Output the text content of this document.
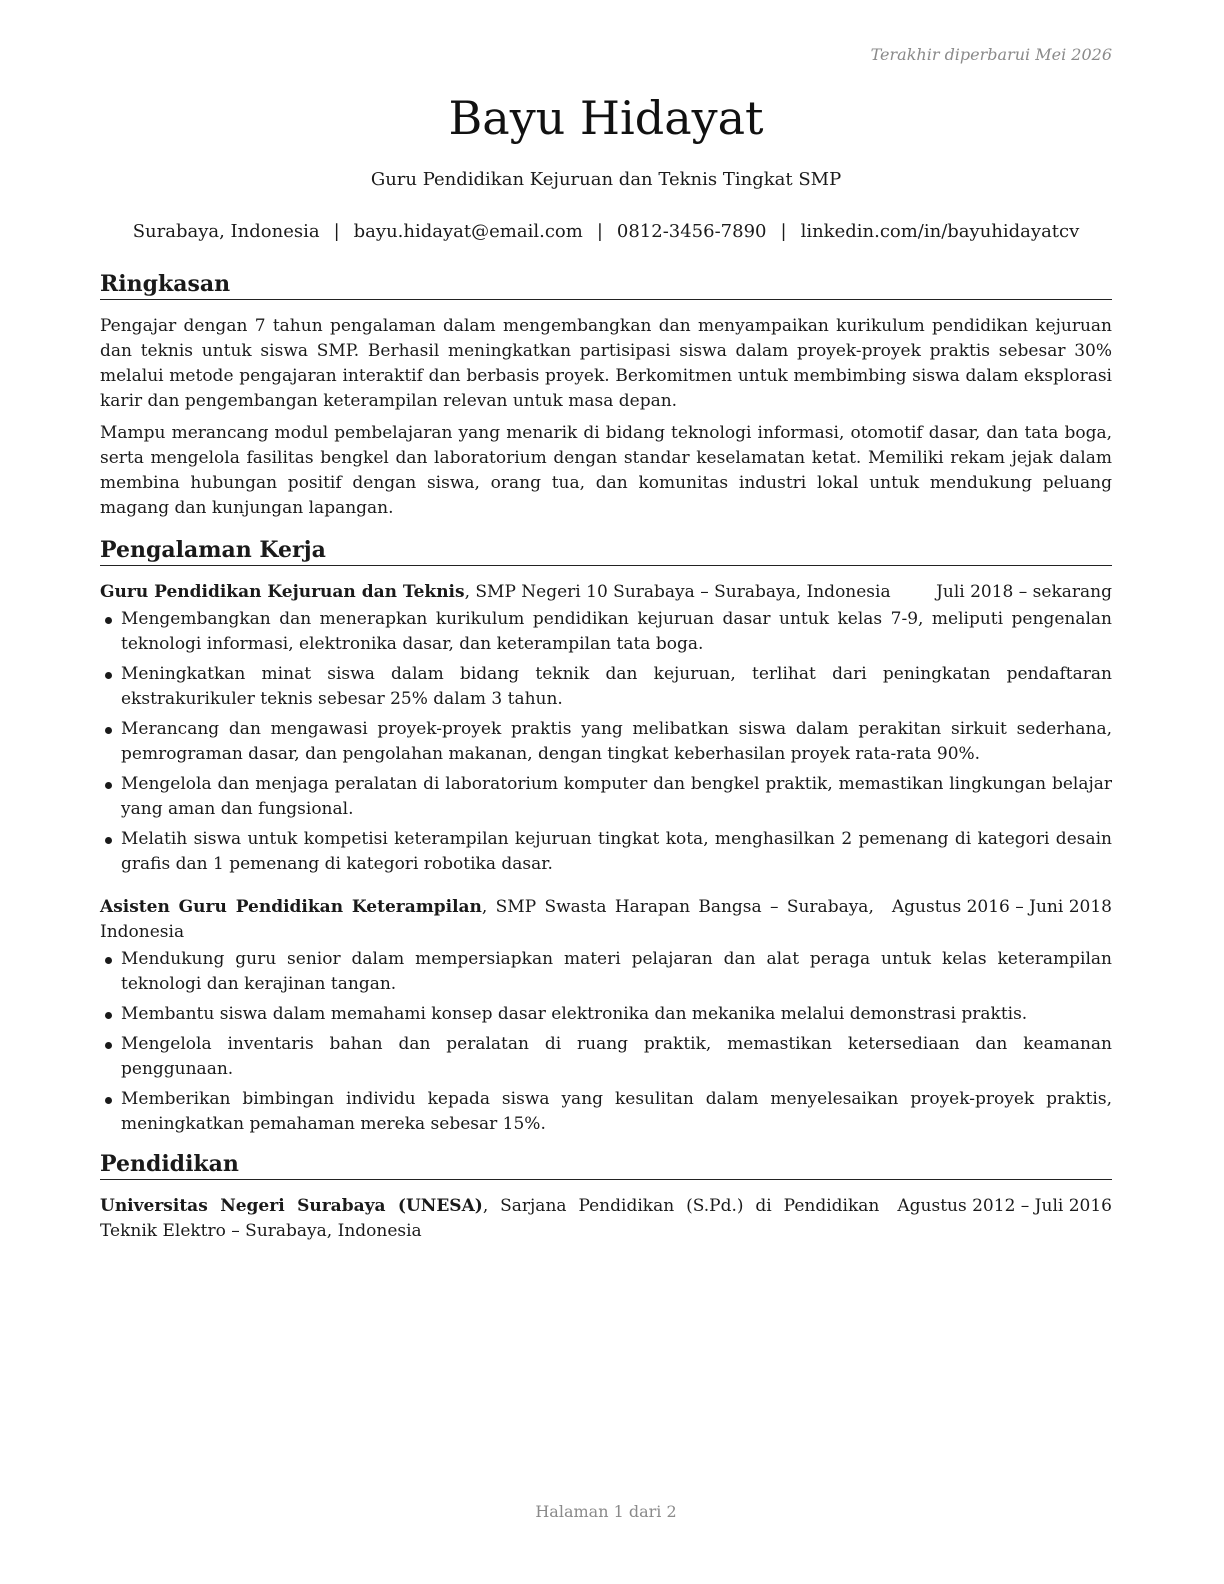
Terakhir diperbarui Mei 2026
Bayu Hidayat
Guru Pendidikan Kejuruan dan Teknis Tingkat SMP
Surabaya, Indonesia | bayu.hidayat@email.com | 0812-3456-7890 | linkedin.com/in/bayuhidayatcv
Ringkasan

Pengajar dengan 7 tahun pengalaman dalam mengembangkan dan menyampaikan kurikulum pendidikan kejuruan dan teknis untuk siswa SMP. Berhasil meningkatkan partisipasi siswa dalam proyek-proyek praktis sebesar 30% melalui metode pengajaran interaktif dan berbasis proyek. Berkomitmen untuk membimbing siswa dalam eksplorasi karir dan pengembangan keterampilan relevan untuk masa depan.

Mampu merancang modul pembelajaran yang menarik di bidang teknologi informasi, otomotif dasar, dan tata boga, serta mengelola fasilitas bengkel dan laboratorium dengan standar keselamatan ketat. Memiliki rekam jejak dalam membina hubungan positif dengan siswa, orang tua, dan komunitas industri lokal untuk mendukung peluang magang dan kunjungan lapangan.

Pengalaman Kerja
Guru Pendidikan Kejuruan dan Teknis, SMP Negeri 10 Surabaya – Surabaya, Indonesia	Juli 2018 – sekarang
Mengembangkan dan menerapkan kurikulum pendidikan kejuruan dasar untuk kelas 7-9, meliputi pengenalan teknologi informasi, elektronika dasar, dan keterampilan tata boga.
Meningkatkan minat siswa dalam bidang teknik dan kejuruan, terlihat dari peningkatan pendaftaran ekstrakurikuler teknis sebesar 25% dalam 3 tahun.
Merancang dan mengawasi proyek-proyek praktis yang melibatkan siswa dalam perakitan sirkuit sederhana, pemrograman dasar, dan pengolahan makanan, dengan tingkat keberhasilan proyek rata-rata 90%.
Mengelola dan menjaga peralatan di laboratorium komputer dan bengkel praktik, memastikan lingkungan belajar yang aman dan fungsional.
Melatih siswa untuk kompetisi keterampilan kejuruan tingkat kota, menghasilkan 2 pemenang di kategori desain grafis dan 1 pemenang di kategori robotika dasar.
Asisten Guru Pendidikan Keterampilan, SMP Swasta Harapan Bangsa – Surabaya, Indonesia
Agustus 2016 – Juni 2018
Mendukung guru senior dalam mempersiapkan materi pelajaran dan alat peraga untuk kelas keterampilan teknologi dan kerajinan tangan.
Membantu siswa dalam memahami konsep dasar elektronika dan mekanika melalui demonstrasi praktis.
Mengelola inventaris bahan dan peralatan di ruang praktik, memastikan ketersediaan dan keamanan penggunaan.
Memberikan bimbingan individu kepada siswa yang kesulitan dalam menyelesaikan proyek-proyek praktis, meningkatkan pemahaman mereka sebesar 15%.
Pendidikan
Universitas Negeri Surabaya (UNESA), Sarjana Pendidikan (S.Pd.) di Pendidikan Teknik Elektro – Surabaya, Indonesia
Agustus 2012 – Juli 2016
Halaman 1 dari 2
